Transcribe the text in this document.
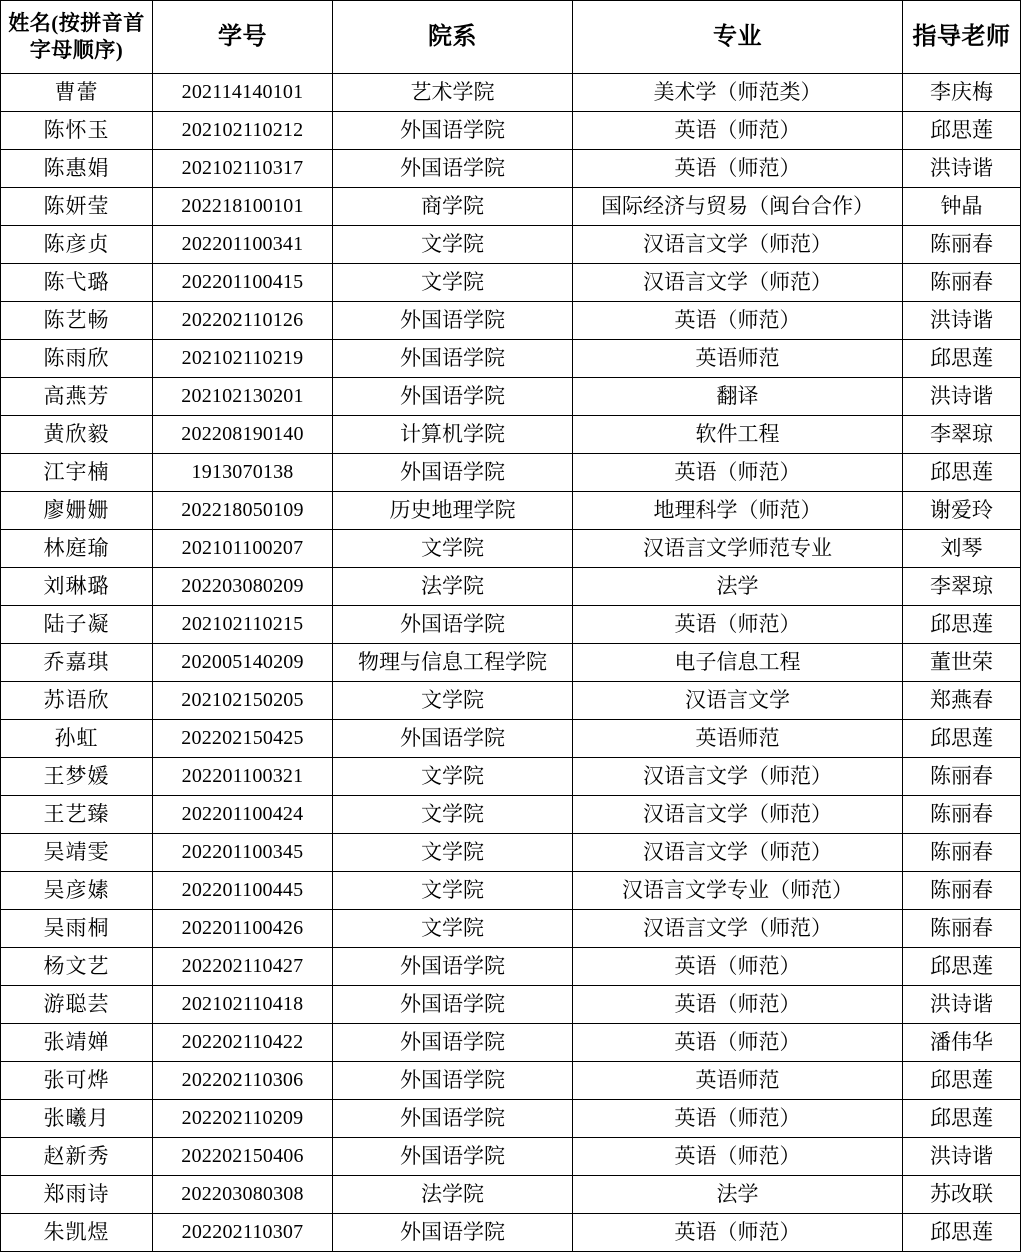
姓名(按拼音首字母顺序)	学号	院系	专业	指导老师
曹蕾	202114140101	艺术学院	美术学（师范类）	李庆梅
陈怀玉	202102110212	外国语学院	英语（师范）	邱思莲
陈惠娟	202102110317	外国语学院	英语（师范）	洪诗谐
陈妍莹	202218100101	商学院	国际经济与贸易（闽台合作）	钟晶
陈彦贞	202201100341	文学院	汉语言文学（师范）	陈丽春
陈弋璐	202201100415	文学院	汉语言文学（师范）	陈丽春
陈艺畅	202202110126	外国语学院	英语（师范）	洪诗谐
陈雨欣	202102110219	外国语学院	英语师范	邱思莲
高燕芳	202102130201	外国语学院	翻译	洪诗谐
黄欣毅	202208190140	计算机学院	软件工程	李翠琼
江宇楠	1913070138	外国语学院	英语（师范）	邱思莲
廖姗姗	202218050109	历史地理学院	地理科学（师范）	谢爱玲
林庭瑜	202101100207	文学院	汉语言文学师范专业	刘琴
刘琳璐	202203080209	法学院	法学	李翠琼
陆子凝	202102110215	外国语学院	英语（师范）	邱思莲
乔嘉琪	202005140209	物理与信息工程学院	电子信息工程	董世荣
苏语欣	202102150205	文学院	汉语言文学	郑燕春
孙虹	202202150425	外国语学院	英语师范	邱思莲
王梦媛	202201100321	文学院	汉语言文学（师范）	陈丽春
王艺臻	202201100424	文学院	汉语言文学（师范）	陈丽春
吴靖雯	202201100345	文学院	汉语言文学（师范）	陈丽春
吴彦嫊	202201100445	文学院	汉语言文学专业（师范）	陈丽春
吴雨桐	202201100426	文学院	汉语言文学（师范）	陈丽春
杨文艺	202202110427	外国语学院	英语（师范）	邱思莲
游聪芸	202102110418	外国语学院	英语（师范）	洪诗谐
张靖婵	202202110422	外国语学院	英语（师范）	潘伟华
张可烨	202202110306	外国语学院	英语师范	邱思莲
张曦月	202202110209	外国语学院	英语（师范）	邱思莲
赵新秀	202202150406	外国语学院	英语（师范）	洪诗谐
郑雨诗	202203080308	法学院	法学	苏改联
朱凯煜	202202110307	外国语学院	英语（师范）	邱思莲
